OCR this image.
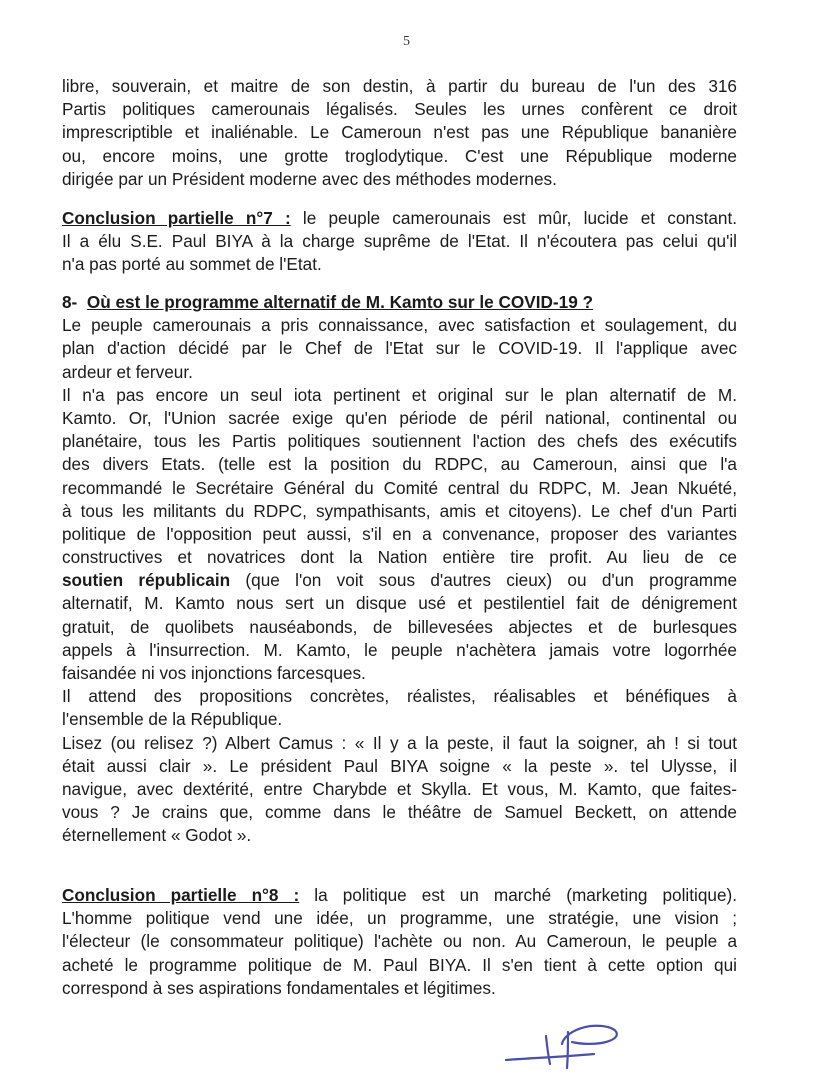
5
libre, souverain, et maitre de son destin, à partir du bureau de l'un des 316
Partis politiques camerounais légalisés. Seules les urnes confèrent ce droit
imprescriptible et inaliénable. Le Cameroun n'est pas une République bananière
ou, encore moins, une grotte troglodytique. C'est une République moderne
dirigée par un Président moderne avec des méthodes modernes.
Conclusion partielle n°7 : le peuple camerounais est mûr, lucide et constant.
Il a élu S.E. Paul BIYA à la charge suprême de l'Etat. Il n'écoutera pas celui qu'il
n'a pas porté au sommet de l'Etat.
8- Où est le programme alternatif de M. Kamto sur le COVID-19 ?
Le peuple camerounais a pris connaissance, avec satisfaction et soulagement, du
plan d'action décidé par le Chef de l'Etat sur le COVID-19. Il l'applique avec
ardeur et ferveur.
Il n'a pas encore un seul iota pertinent et original sur le plan alternatif de M.
Kamto. Or, l'Union sacrée exige qu'en période de péril national, continental ou
planétaire, tous les Partis politiques soutiennent l'action des chefs des exécutifs
des divers Etats. (telle est la position du RDPC, au Cameroun, ainsi que l'a
recommandé le Secrétaire Général du Comité central du RDPC, M. Jean Nkuété,
à tous les militants du RDPC, sympathisants, amis et citoyens). Le chef d'un Parti
politique de l'opposition peut aussi, s'il en a convenance, proposer des variantes
constructives et novatrices dont la Nation entière tire profit. Au lieu de ce
soutien républicain (que l'on voit sous d'autres cieux) ou d'un programme
alternatif, M. Kamto nous sert un disque usé et pestilentiel fait de dénigrement
gratuit, de quolibets nauséabonds, de billevesées abjectes et de burlesques
appels à l'insurrection. M. Kamto, le peuple n'achètera jamais votre logorrhée
faisandée ni vos injonctions farcesques.
Il attend des propositions concrètes, réalistes, réalisables et bénéfiques à
l'ensemble de la République.
Lisez (ou relisez ?) Albert Camus : « Il y a la peste, il faut la soigner, ah ! si tout
était aussi clair ». Le président Paul BIYA soigne « la peste ». tel Ulysse, il
navigue, avec dextérité, entre Charybde et Skylla. Et vous, M. Kamto, que faites-
vous ? Je crains que, comme dans le théâtre de Samuel Beckett, on attende
éternellement « Godot ».
Conclusion partielle n°8 : la politique est un marché (marketing politique).
L'homme politique vend une idée, un programme, une stratégie, une vision ;
l'électeur (le consommateur politique) l'achète ou non. Au Cameroun, le peuple a
acheté le programme politique de M. Paul BIYA. Il s'en tient à cette option qui
correspond à ses aspirations fondamentales et légitimes.
